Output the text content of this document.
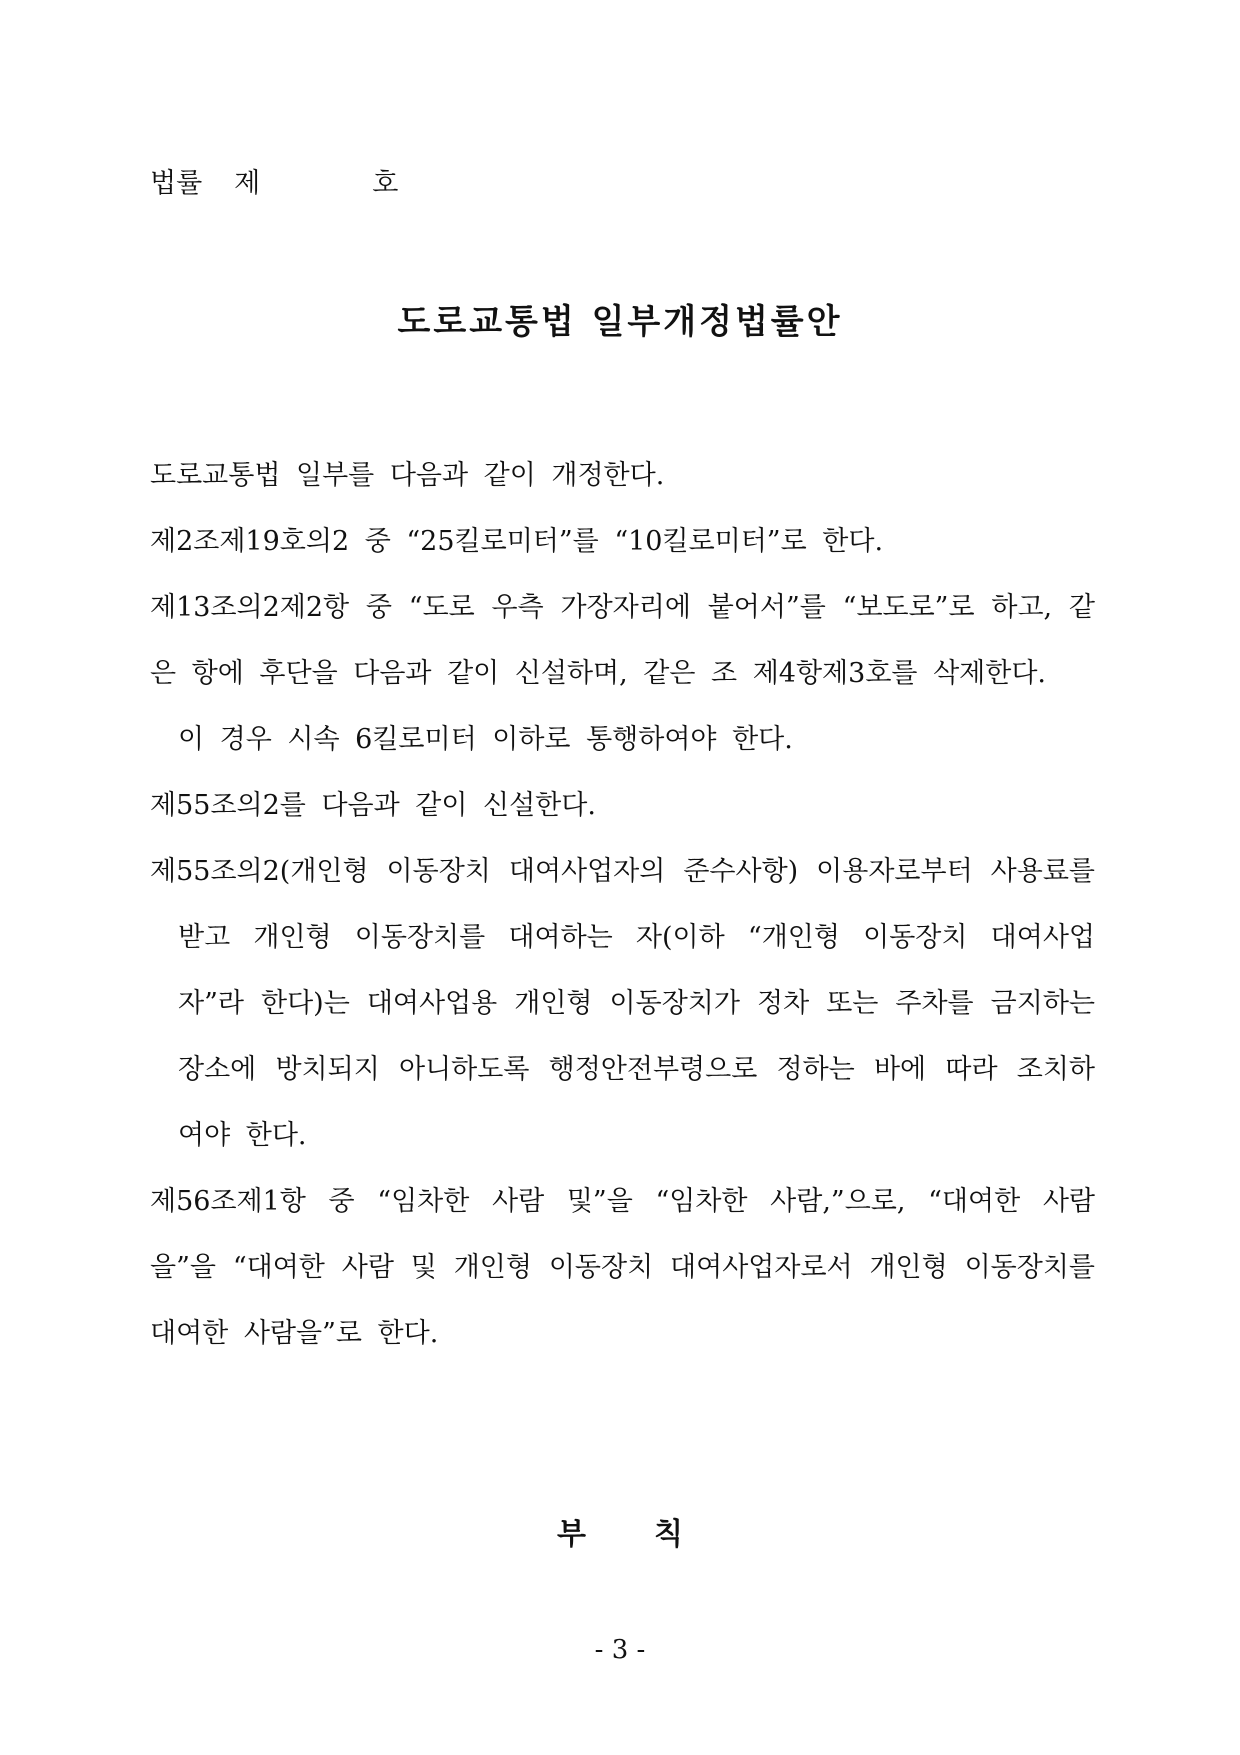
법률 제	호
도로교통법 일부개정법률안

도로교통법 일부를 다음과 같이 개정한다.

제2조제19호의2 중 “25킬로미터”를 “10킬로미터”로 한다.

제13조의2제2항 중 “도로 우측 가장자리에 붙어서”를 “보도로”로 하고, 같은 항에 후단을 다음과 같이 신설하며, 같은 조 제4항제3호를 삭제한다.

이 경우 시속 6킬로미터 이하로 통행하여야 한다.

제55조의2를 다음과 같이 신설한다.

제55조의2(개인형 이동장치 대여사업자의 준수사항) 이용자로부터 사용료를 받고 개인형 이동장치를 대여하는 자(이하 “개인형 이동장치 대여사업자”라 한다)는 대여사업용 개인형 이동장치가 정차 또는 주차를 금지하는 장소에 방치되지 아니하도록 행정안전부령으로 정하는 바에 따라 조치하여야 한다.

제56조제1항 중 “임차한 사람 및”을 “임차한 사람,”으로, “대여한 사람을”을 “대여한 사람 및 개인형 이동장치 대여사업자로서 개인형 이동장치를 대여한 사람을”로 한다.

부 칙
- 3 -
